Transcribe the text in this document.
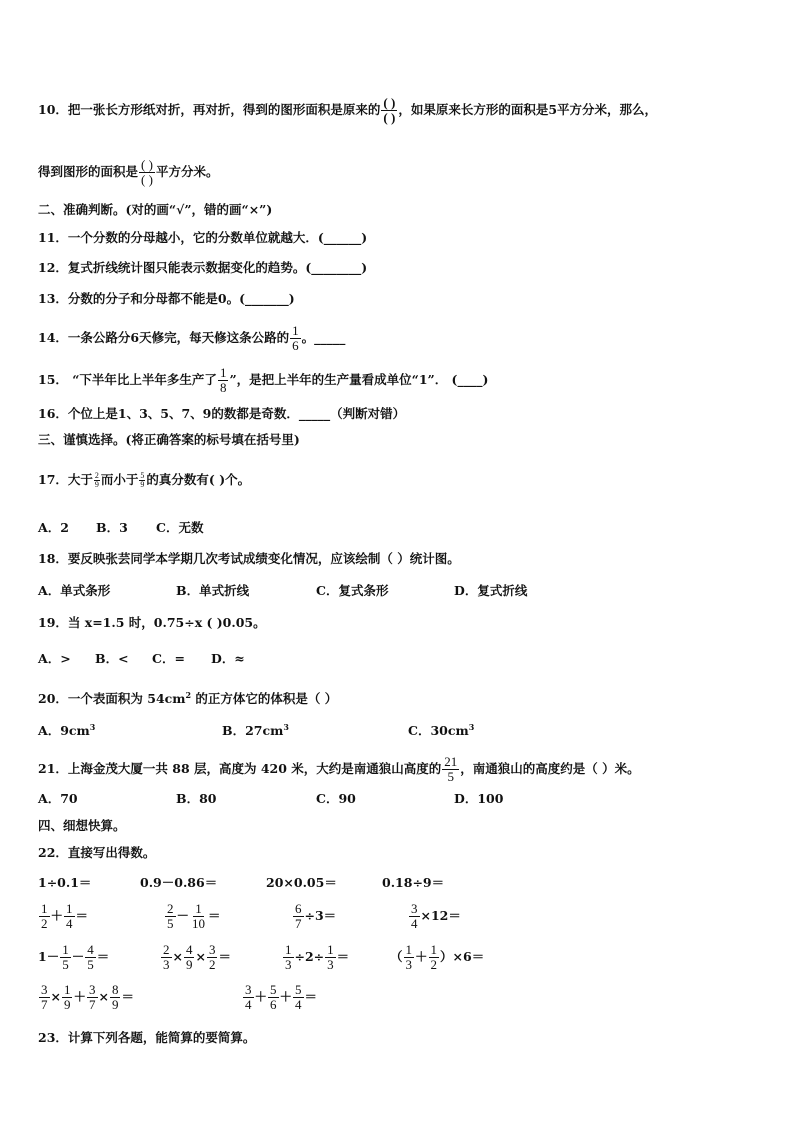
10．把一张长方形纸对折，再对折，得到的图形面积是原来的 $\frac{( )}{( )}$ ，如果原来长方形的面积是5平方分米，那么，
得到图形的面积是 $\frac{( )}{( )}$ 平方分米。
二、准确判断。(对的画“√”，错的画“×”)
11．一个分数的分母越小，它的分数单位就越大．(______)
12．复式折线统计图只能表示数据变化的趋势。(________)
13．分数的分子和分母都不能是0。(_______)
14．一条公路分6天修完，每天修这条公路的 $\frac{1}{6}$ 。_____
15． “下半年比上半年多生产了 $\frac{1}{8}$ ”，是把上半年的生产量看成单位“1”． (____)
16．个位上是1、3、5、7、9的数都是奇数．_____（判断对错）
三、谨慎选择。(将正确答案的标号填在括号里)
17．大于 $\frac{2}{9}$ 而小于 $\frac{5}{9}$ 的真分数有( )个。
A．2 B．3 C．无数
18．要反映张芸同学本学期几次考试成绩变化情况，应该绘制（ ）统计图。
A．单式条形	B．单式折线	C．复式条形	D．复式折线
19．当 x=1.5 时，0.75÷x ( )0.05。
A．> B．< C．= D．≈
20．一个表面积为 $54cm^2$ 的正方体它的体积是（ ）
A．$9cm^3$	B．$27cm^3$	C．$30cm^3$
21．上海金茂大厦一共 88 层，高度为 420 米，大约是南通狼山高度的 $\frac{21}{5}$ ，南通狼山的高度约是（ ）米。
A．70	B．80	C．90	D．100
四、细想快算。
22．直接写出得数。
1÷0.1＝	0.9－0.86＝	20×0.05＝	0.18÷9＝
$\frac{1}{2} + \frac{1}{4}$ ＝	$\frac{2}{5} - \frac{1}{10}$ ＝	$\frac{6}{7} \div 3=$	$\frac{3}{4} \times 12=$
$1- \frac{1}{5} - \frac{4}{5}$ ＝	$\frac{2}{3} \times \frac{4}{9} \times \frac{3}{2}$ ＝	$\frac{1}{3} \div 2\div \frac{1}{3}$ ＝	（ $\frac{1}{3} + \frac{1}{2} )\times 6=$
$\frac{3}{7} \times \frac{1}{9} + \frac{3}{7} \times \frac{8}{9}$ ＝	$\frac{3}{4} + \frac{5}{6} + \frac{5}{4}$ ＝
23．计算下列各题，能简算的要简算。
